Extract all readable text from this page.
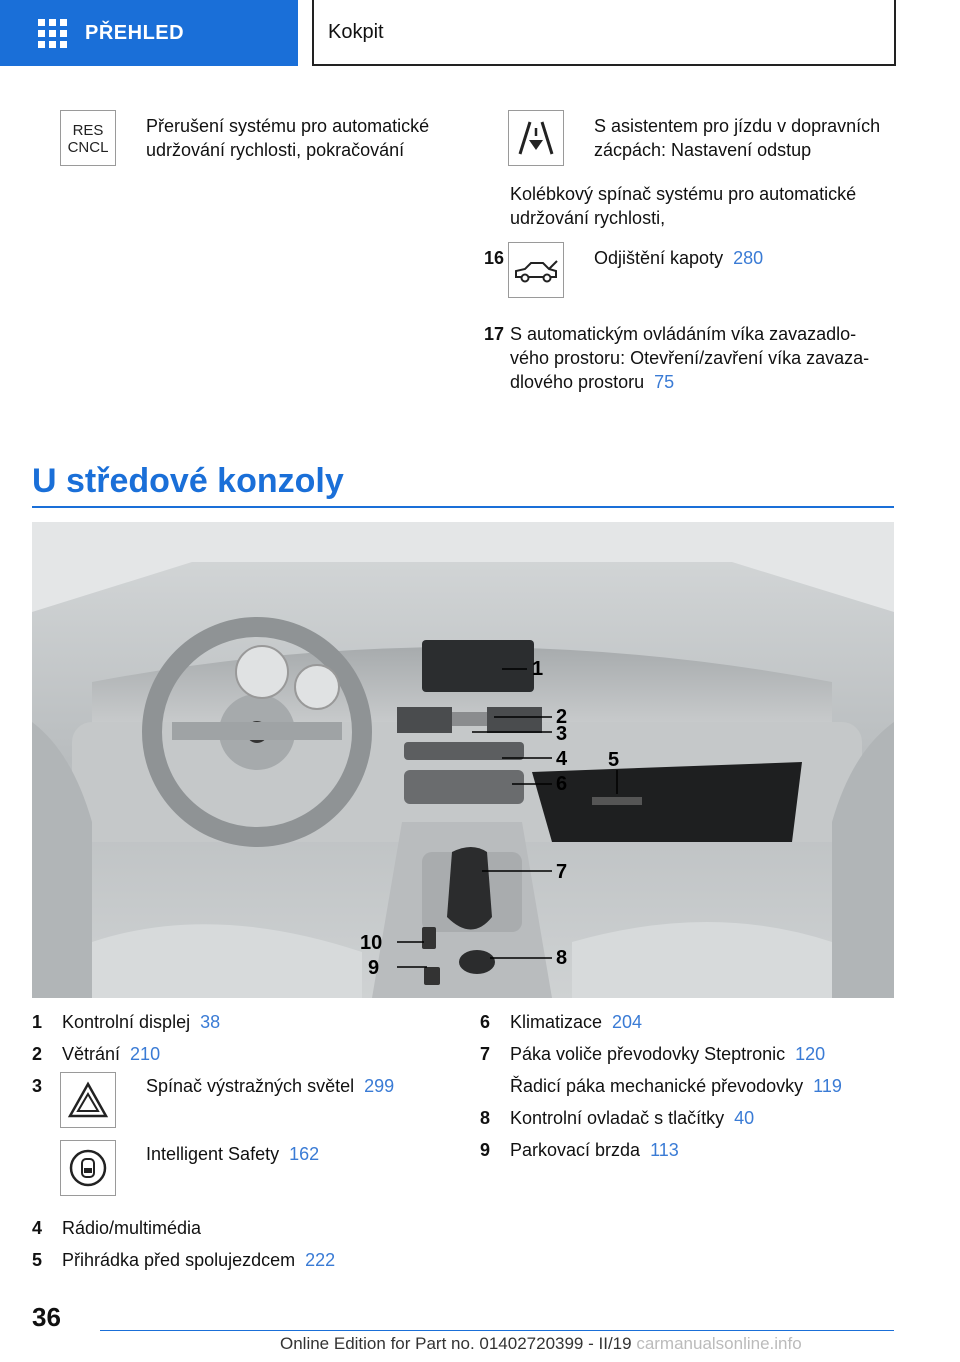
PŘEHLED	Kokpit
RES
CNCL
Přerušení systému pro automatické udržování rychlosti, pokračování
S asistentem pro jízdu v dopravních zácpách: Nastavení odstup
Kolébkový spínač systému pro automatické udržování rychlosti,
16	Odjištění kapoty 280
17 S automatickým ovládáním víka zavazadlo-vého prostoru: Otevření/zavření víka zavaza-dlového prostoru 75
U středové konzoly
1
2
3
4 5
6
7
8
9
10
1	Kontrolní displej 38
2	Větrání 210
3	Spínač výstražných světel 299
Intelligent Safety 162
4	Rádio/multimédia
5	Přihrádka před spolujezdcem 222
6	Klimatizace 204
7	Páka voliče převodovky Steptronic 120
Řadicí páka mechanické převodovky 119
8	Kontrolní ovladač s tlačítky 40
9	Parkovací brzda 113
36
Online Edition for Part no. 01402720399 - II/19 carmanualsonline.info
